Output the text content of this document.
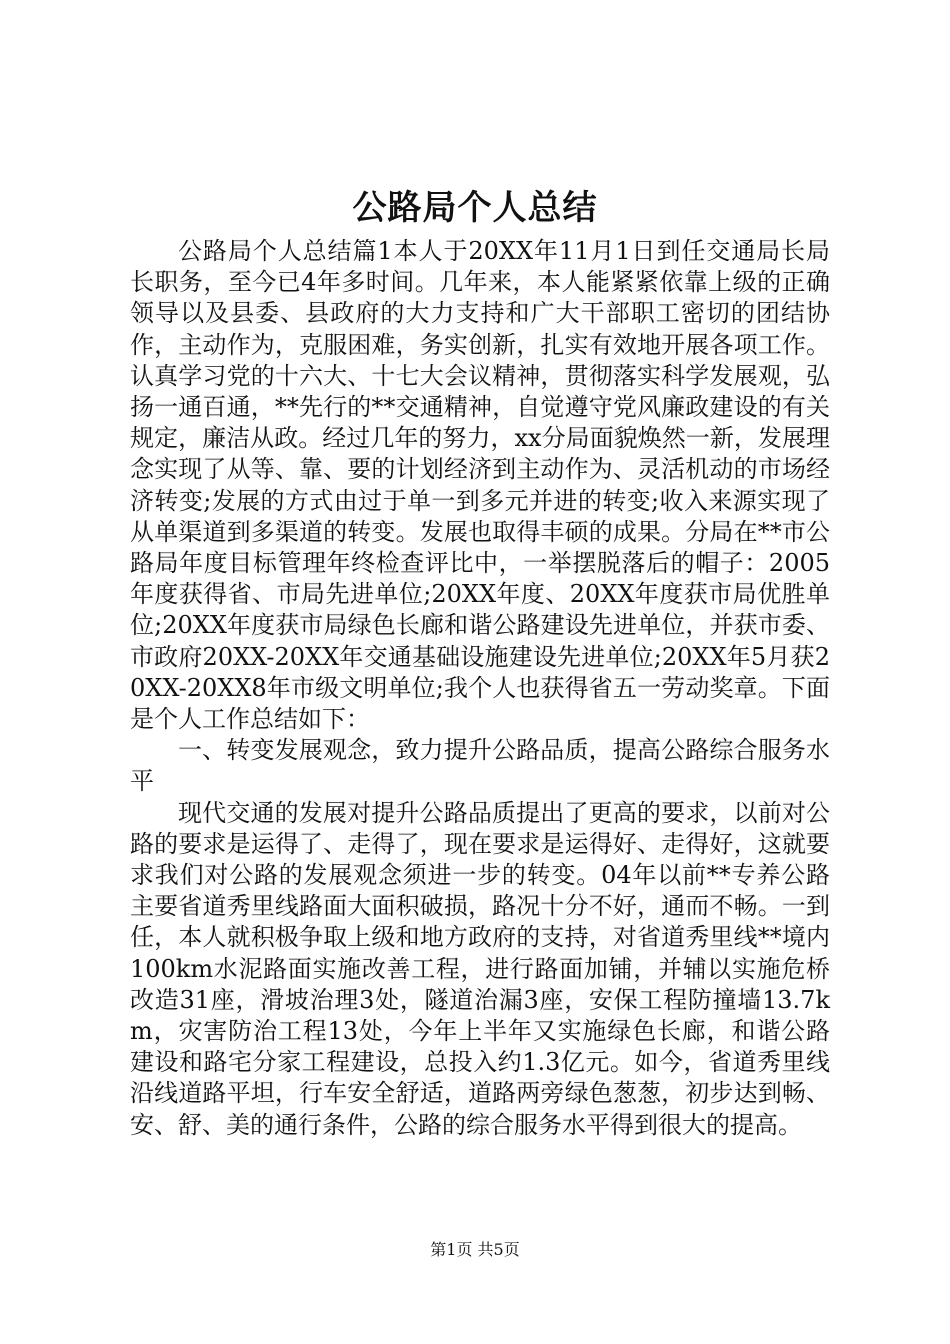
公路局个人总结

公路局个人总结篇1本人于20XX年11月1日到任交通局长局长职务，至今已4年多时间。几年来，本人能紧紧依靠上级的正确领导以及县委、县政府的大力支持和广大干部职工密切的团结协作，主动作为，克服困难，务实创新，扎实有效地开展各项工作。认真学习党的十六大、十七大会议精神，贯彻落实科学发展观，弘扬一通百通，**先行的**交通精神，自觉遵守党风廉政建设的有关规定，廉洁从政。经过几年的努力，xx分局面貌焕然一新，发展理念实现了从等、靠、要的计划经济到主动作为、灵活机动的市场经济转变;发展的方式由过于单一到多元并进的转变;收入来源实现了从单渠道到多渠道的转变。发展也取得丰硕的成果。分局在**市公路局年度目标管理年终检查评比中，一举摆脱落后的帽子：2005年度获得省、市局先进单位;20XX年度、20XX年度获市局优胜单位;20XX年度获市局绿色长廊和谐公路建设先进单位，并获市委、市政府20XX-20XX年交通基础设施建设先进单位;20XX年5月获20XX-20XX8年市级文明单位;我个人也获得省五一劳动奖章。下面是个人工作总结如下：

一、转变发展观念，致力提升公路品质，提高公路综合服务水平

现代交通的发展对提升公路品质提出了更高的要求，以前对公路的要求是运得了、走得了，现在要求是运得好、走得好，这就要求我们对公路的发展观念须进一步的转变。04年以前**专养公路主要省道秀里线路面大面积破损，路况十分不好，通而不畅。一到任，本人就积极争取上级和地方政府的支持，对省道秀里线**境内100km水泥路面实施改善工程，进行路面加铺，并辅以实施危桥改造31座，滑坡治理3处，隧道治漏3座，安保工程防撞墙13.7km，灾害防治工程13处，今年上半年又实施绿色长廊，和谐公路建设和路宅分家工程建设，总投入约1.3亿元。如今，省道秀里线沿线道路平坦，行车安全舒适，道路两旁绿色葱葱，初步达到畅、安、舒、美的通行条件，公路的综合服务水平得到很大的提高。

第1页 共5页
